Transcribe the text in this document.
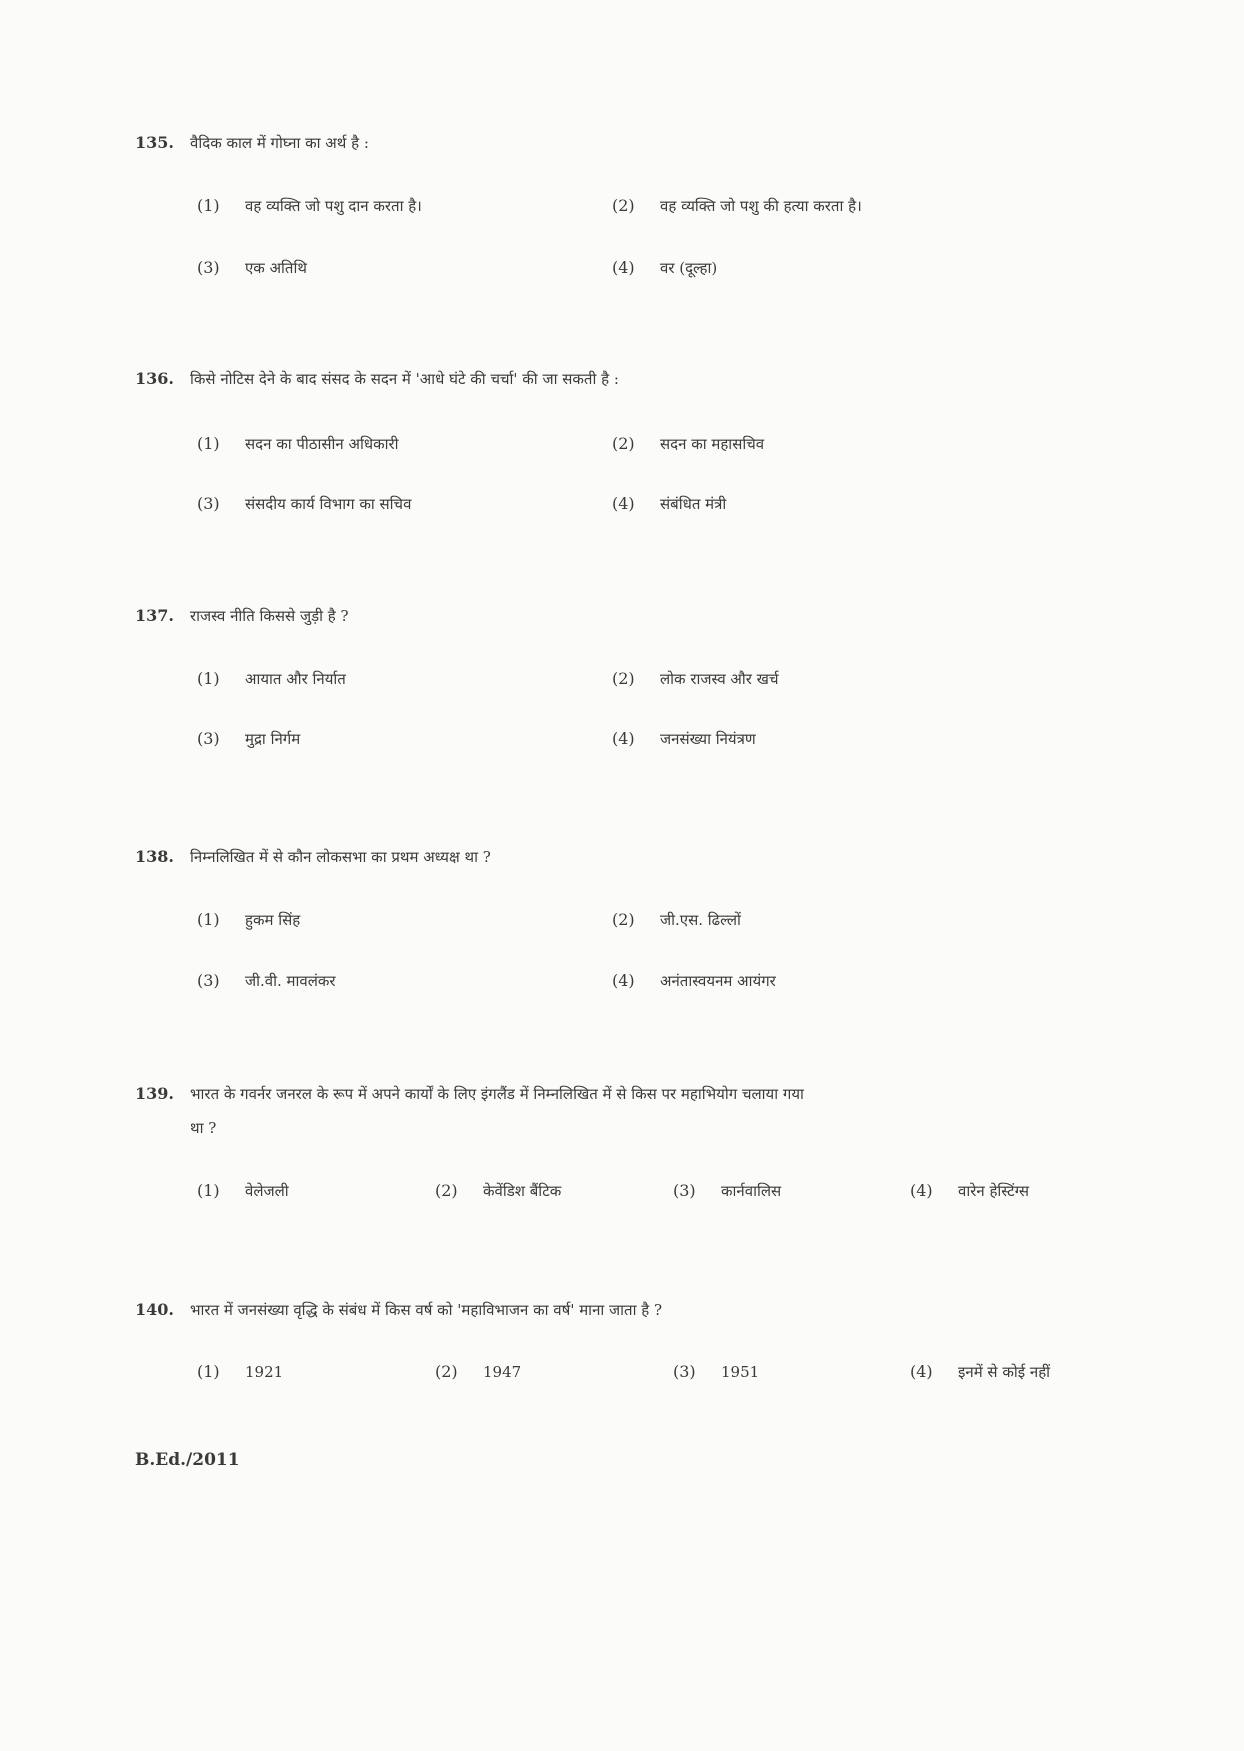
135. वैदिक काल में गोघ्ना का अर्थ है :
(1) वह व्यक्ति जो पशु दान करता है।	(2) वह व्यक्ति जो पशु की हत्या करता है।
(3) एक अतिथि	(4) वर (दूल्हा)
136. किसे नोटिस देने के बाद संसद के सदन में 'आधे घंटे की चर्चा' की जा सकती है :
(1) सदन का पीठासीन अधिकारी	(2) सदन का महासचिव
(3) संसदीय कार्य विभाग का सचिव	(4) संबंधित मंत्री
137. राजस्व नीति किससे जुड़ी है ?
(1) आयात और निर्यात	(2) लोक राजस्व और खर्च
(3) मुद्रा निर्गम	(4) जनसंख्या नियंत्रण
138. निम्नलिखित में से कौन लोकसभा का प्रथम अध्यक्ष था ?
(1) हुकम सिंह	(2) जी.एस. ढिल्लों
(3) जी.वी. मावलंकर	(4) अनंतास्वयनम आयंगर
139. भारत के गवर्नर जनरल के रूप में अपने कार्यों के लिए इंगलैंड में निम्नलिखित में से किस पर महाभियोग चलाया गया
था ?
(1) वेलेजली	(2) केवेंडिश बैंटिक	(3) कार्नवालिस	(4) वारेन हेस्टिंग्स
140. भारत में जनसंख्या वृद्धि के संबंध में किस वर्ष को 'महाविभाजन का वर्ष' माना जाता है ?
(1) 1921	(2) 1947	(3) 1951	(4) इनमें से कोई नहीं
B.Ed./2011
